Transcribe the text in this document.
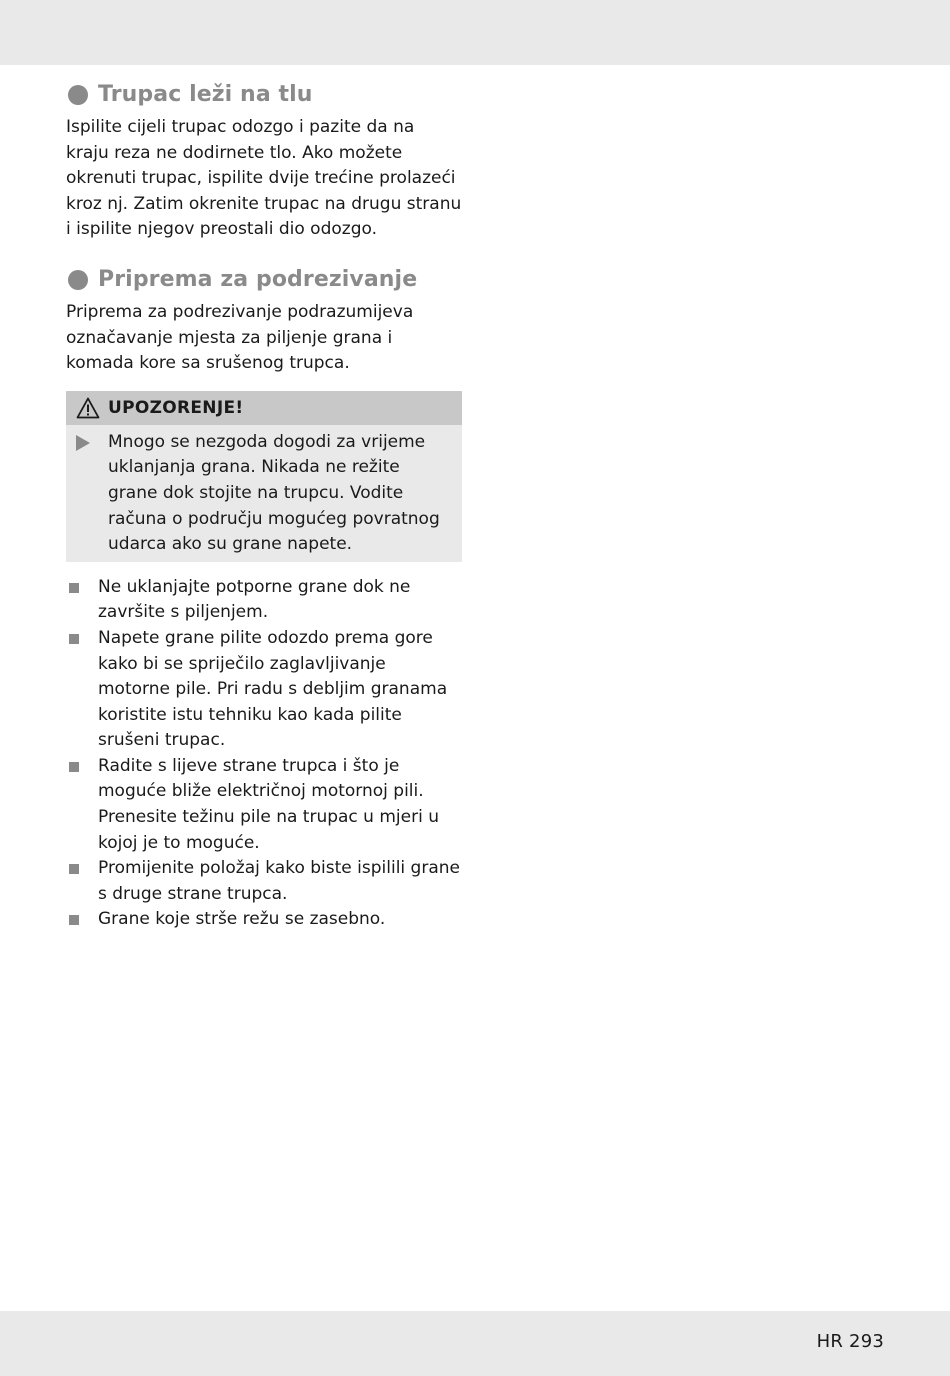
Trupac leži na tlu

Ispilite cijeli trupac odozgo i pazite da na kraju reza ne dodirnete tlo. Ako možete okrenuti trupac, ispilite dvije trećine prolazeći kroz nj. Zatim okrenite trupac na drugu stranu i ispilite njegov preostali dio odozgo.

Priprema za podrezivanje

Priprema za podrezivanje podrazumijeva označavanje mjesta za piljenje grana i komada kore sa srušenog trupca.

UPOZORENJE!

Mnogo se nezgoda dogodi za vrijeme uklanjanja grana. Nikada ne režite grane dok stojite na trupcu. Vodite računa o području mogućeg povratnog udarca ako su grane napete.

Ne uklanjajte potporne grane dok ne završite s piljenjem.
Napete grane pilite odozdo prema gore kako bi se spriječilo zaglavljivanje motorne pile. Pri radu s debljim granama koristite istu tehniku kao kada pilite srušeni trupac.
Radite s lijeve strane trupca i što je moguće bliže električnoj motornoj pili. Prenesite težinu pile na trupac u mjeri u kojoj je to moguće.
Promijenite položaj kako biste ispilili grane s druge strane trupca.
Grane koje strše režu se zasebno.
HR 293
